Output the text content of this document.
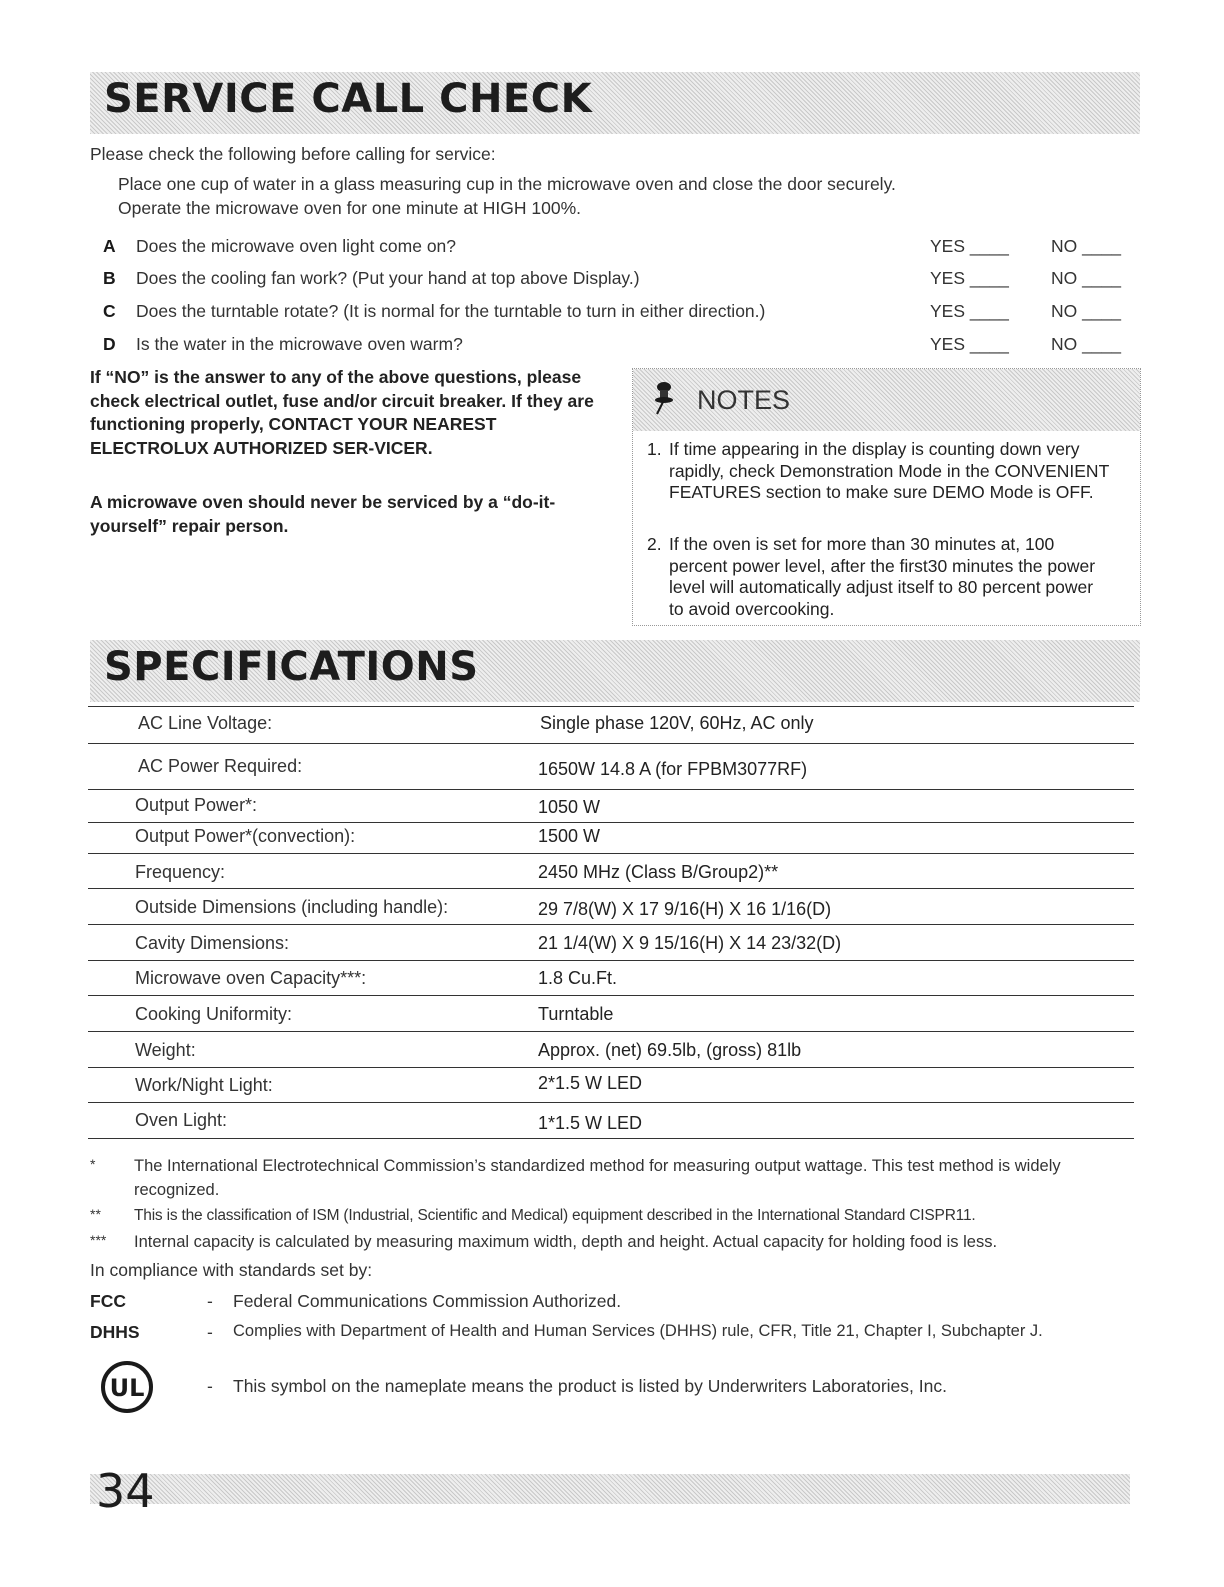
SERVICE CALL CHECK
Please check the following before calling for service:
Place one cup of water in a glass measuring cup in the microwave oven and close the door securely.
Operate the microwave oven for one minute at HIGH 100%.
A Does the microwave oven light come on?	YES ____ NO ____
B Does the cooling fan work? (Put your hand at top above Display.)	YES ____ NO ____
C Does the turntable rotate? (It is normal for the turntable to turn in either direction.)	YES ____ NO ____
D Is the water in the microwave oven warm?	YES ____ NO ____
If “NO” is the answer to any of the above questions, please check electrical outlet, fuse and/or circuit breaker. If they are functioning properly, CONTACT YOUR NEAREST ELECTROLUX AUTHORIZED SER-VICER.
A microwave oven should never be serviced by a “do-it-yourself” repair person.
NOTES
1. If time appearing in the display is counting down very rapidly, check Demonstration Mode in the CONVENIENT FEATURES section to make sure DEMO Mode is OFF.
2. If the oven is set for more than 30 minutes at, 100 percent power level, after the first30 minutes the power level will automatically adjust itself to 80 percent power to avoid overcooking.
SPECIFICATIONS
AC Line Voltage:	Single phase 120V, 60Hz, AC only
AC Power Required:	1650W 14.8 A (for FPBM3077RF)
Output Power*:	1050 W
Output Power*(convection):	1500 W
Frequency:	2450 MHz (Class B/Group2)**
Outside Dimensions (including handle):	29 7/8(W) X 17 9/16(H) X 16 1/16(D)
Cavity Dimensions:	21 1/4(W) X 9 15/16(H) X 14 23/32(D)
Microwave oven Capacity***:	1.8 Cu.Ft.
Cooking Uniformity:	Turntable
Weight:	Approx. (net) 69.5lb, (gross) 81lb
Work/Night Light:	2*1.5 W LED
Oven Light:	1*1.5 W LED
* The International Electrotechnical Commission’s standardized method for measuring output wattage. This test method is widely recognized.
** This is the classification of ISM (Industrial, Scientific and Medical) equipment described in the International Standard CISPR11.
*** Internal capacity is calculated by measuring maximum width, depth and height. Actual capacity for holding food is less.
In compliance with standards set by:
FCC	- Federal Communications Commission Authorized.
DHHS	- Complies with Department of Health and Human Services (DHHS) rule, CFR, Title 21, Chapter I, Subchapter J.
UL	- This symbol on the nameplate means the product is listed by Underwriters Laboratories, Inc.
34
